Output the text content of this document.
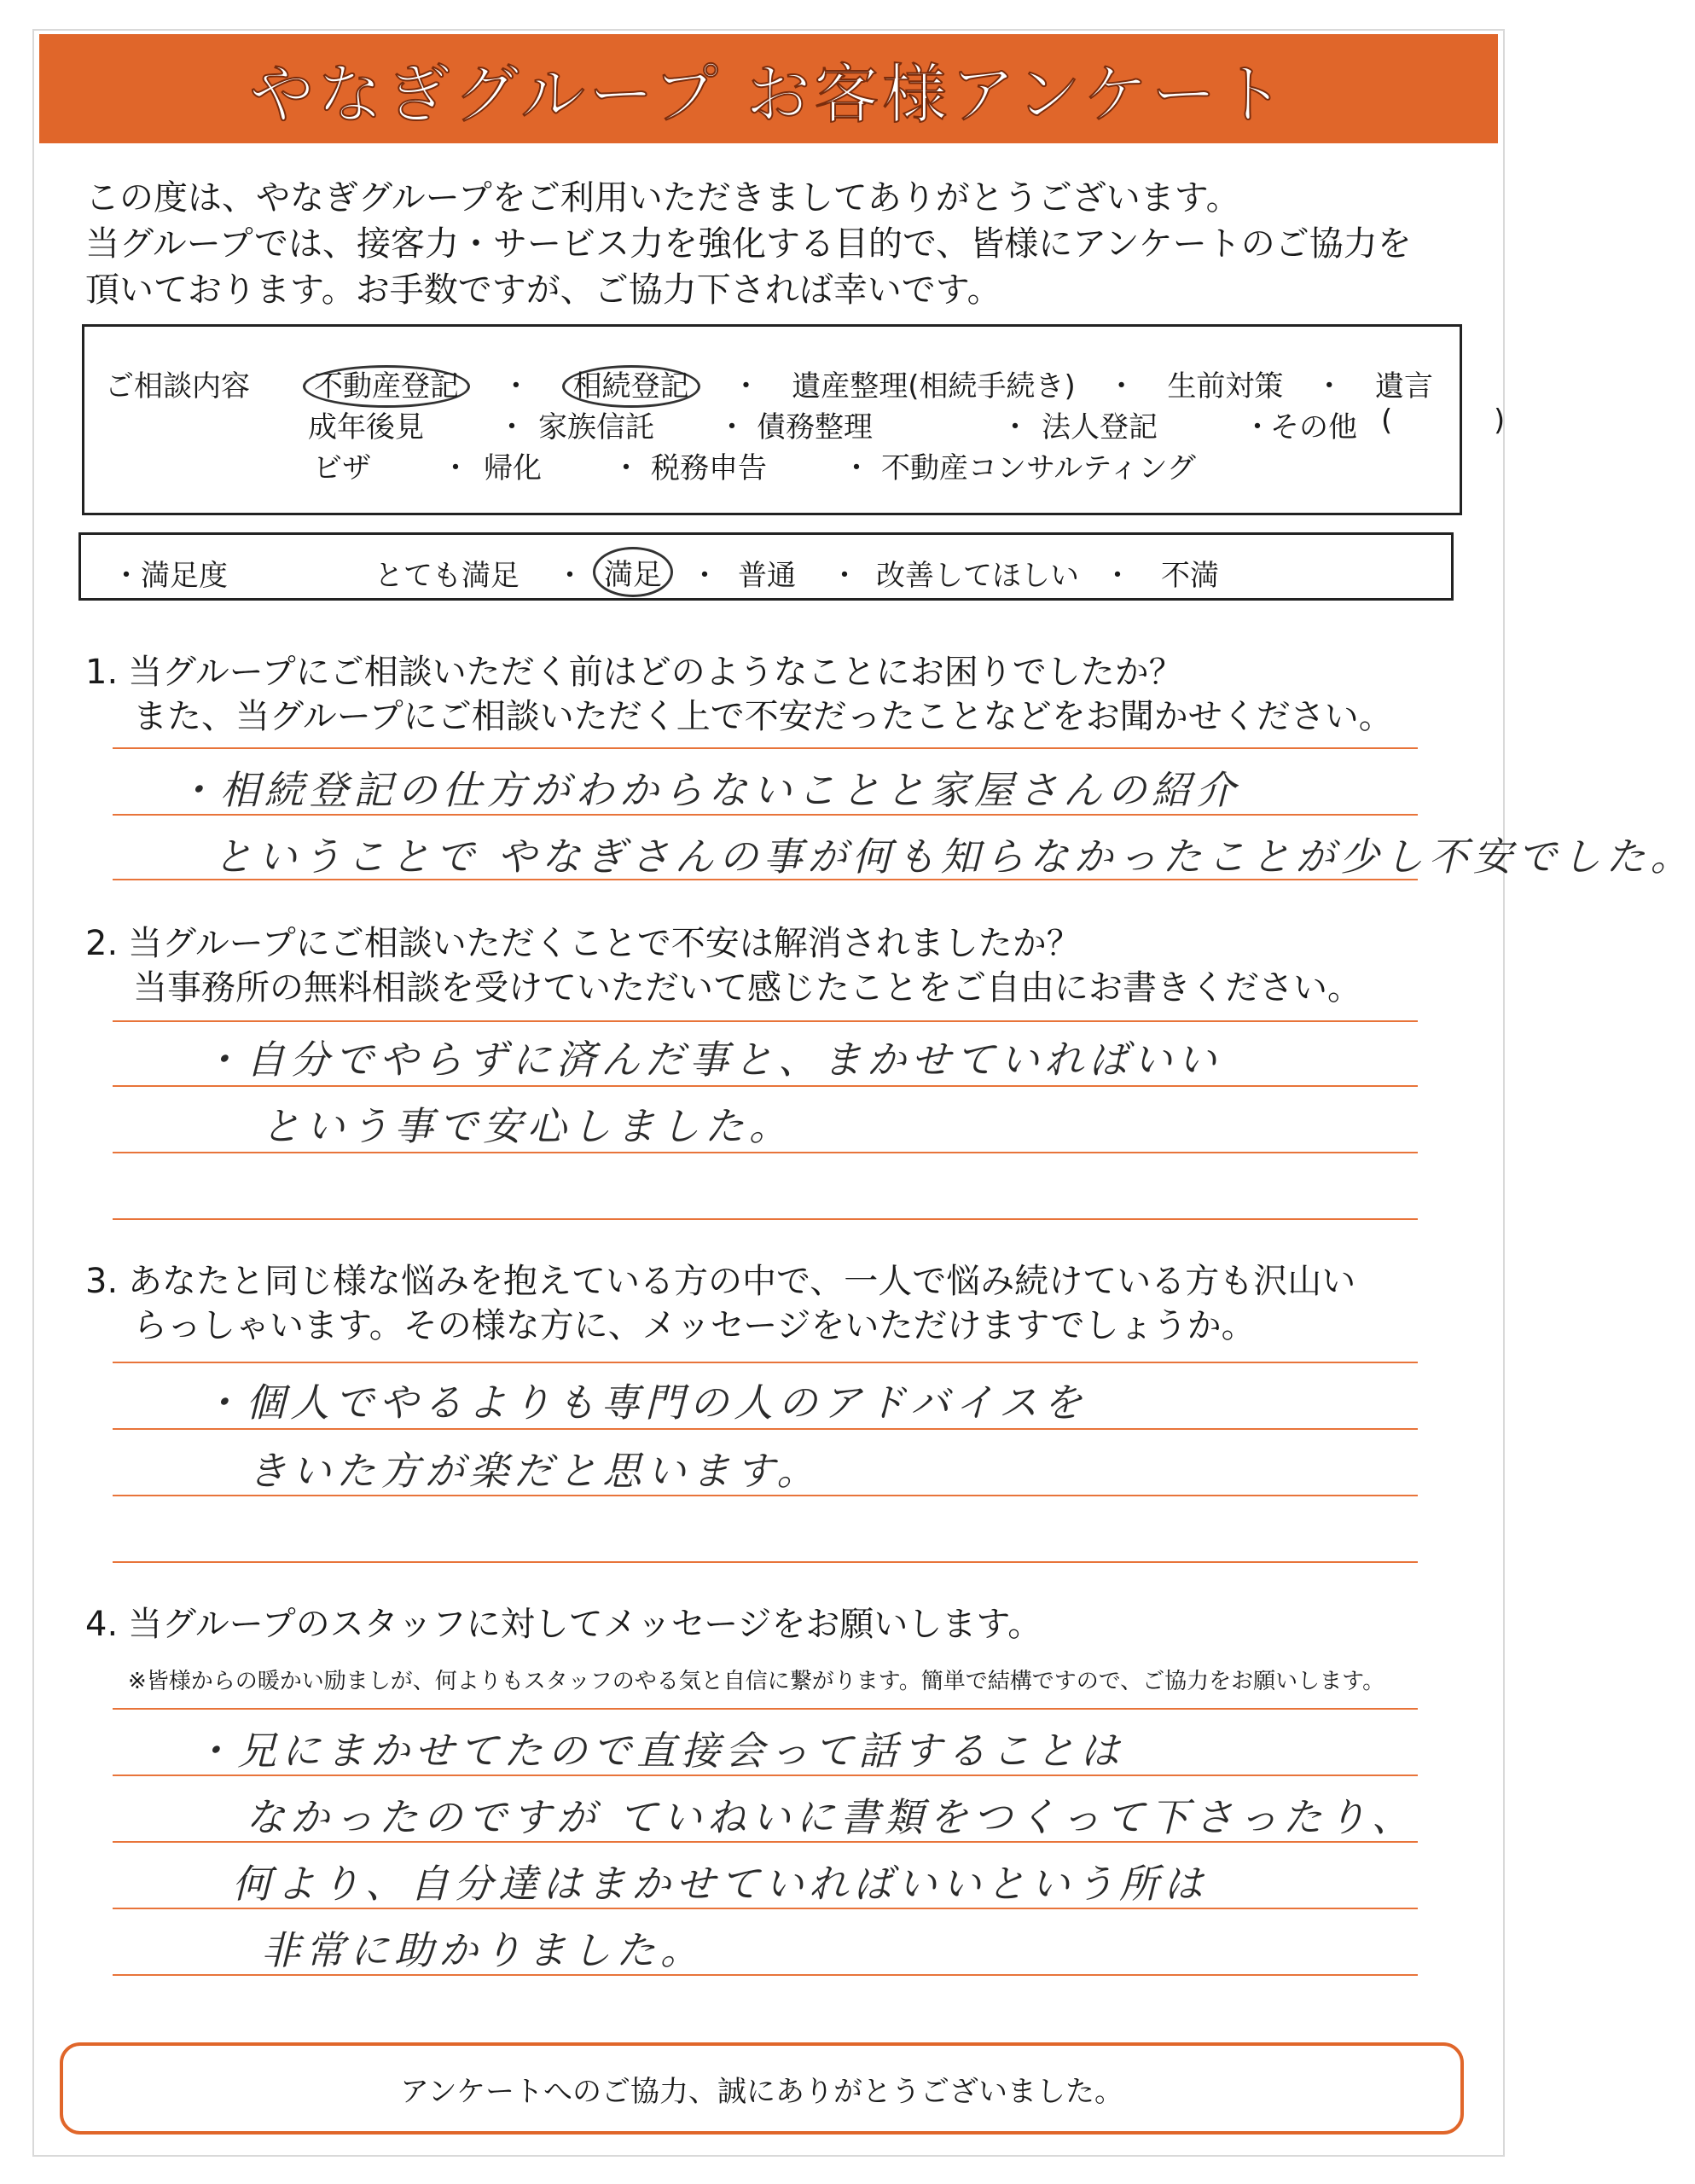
やなぎグループ お客様アンケート
この度は、やなぎグループをご利用いただきましてありがとうございます。
当グループでは、接客力・サービス力を強化する目的で、皆様にアンケートのご協力を
頂いております。お手数ですが、ご協力下されば幸いです。
ご相談内容	不動産登記 ・ 相続登記 ・ 遺産整理(相続手続き) ・ 生前対策 ・ 遺言
成年後見	・ 家族信託 ・ 債務整理	・ 法人登記	・
その他 (	)
ビザ ・ 帰化 ・ 税務申告	・ 不動産コンサルティング
・満足度	とても満足 ・ 満足 ・ 普通 ・ 改善してほしい ・ 不満
1. 当グループにご相談いただく前はどのようなことにお困りでしたか？
また、当グループにご相談いただく上で不安だったことなどをお聞かせください。
・相続登記の仕方がわからないことと家屋さんの紹介
ということで やなぎさんの事が何も知らなかったことが少し不安でした。
2. 当グループにご相談いただくことで不安は解消されましたか？
当事務所の無料相談を受けていただいて感じたことをご自由にお書きください。
・自分でやらずに済んだ事と、まかせていればいい
という事で安心しました。
3. あなたと同じ様な悩みを抱えている方の中で、一人で悩み続けている方も沢山い
らっしゃいます。その様な方に、メッセージをいただけますでしょうか。
・個人でやるよりも専門の人のアドバイスを
きいた方が楽だと思います。
4. 当グループのスタッフに対してメッセージをお願いします。
※皆様からの暖かい励ましが、何よりもスタッフのやる気と自信に繋がります。簡単で結構ですので、ご協力をお願いします。
・兄にまかせてたので直接会って話することは
なかったのですが ていねいに書類をつくって下さったり、
何より、自分達はまかせていればいいという所は
非常に助かりました。
アンケートへのご協力、誠にありがとうございました。
